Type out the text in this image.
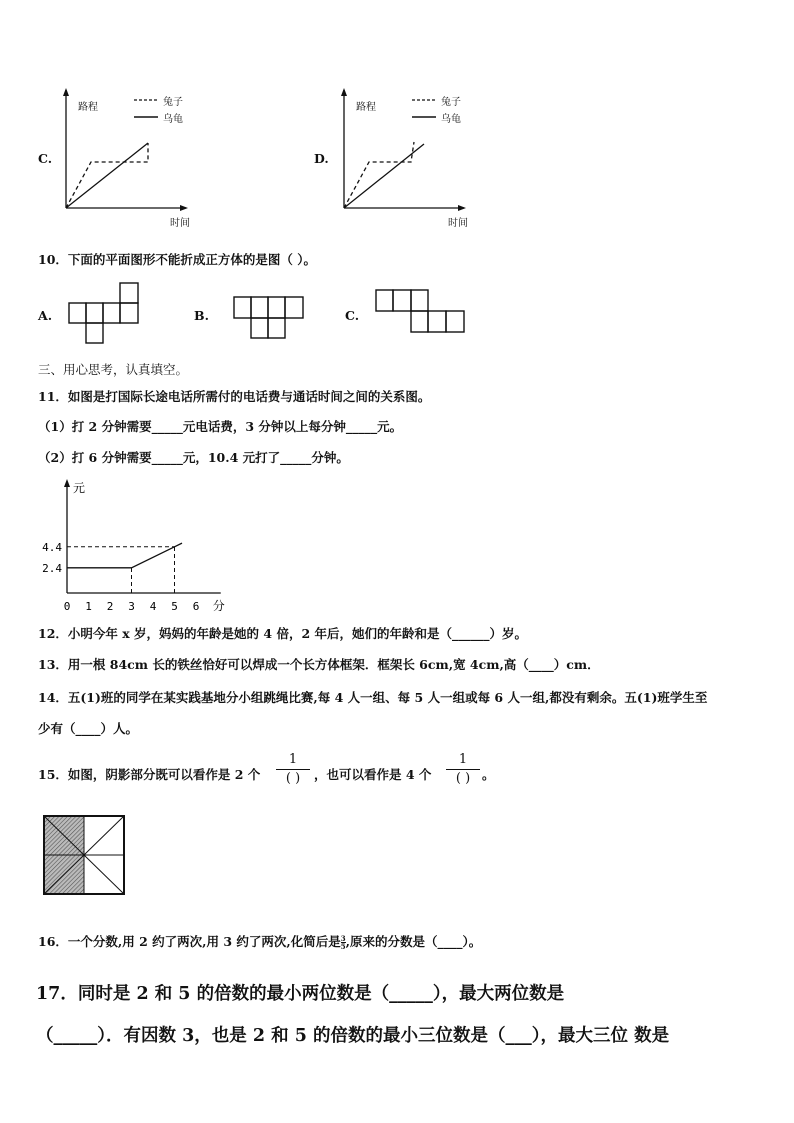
C.
路程	兔子
乌龟
时间
D.
路程	兔子
乌龟
时间
10．下面的平面图形不能折成正方体的是图（ ）。
A.	B.	C.
三、用心思考，认真填空。
11．如图是打国际长途电话所需付的电话费与通话时间之间的关系图。
（1）打 2 分钟需要_____元电话费，3 分钟以上每分钟_____元。
（2）打 6 分钟需要_____元，10.4 元打了_____分钟。
元
分
0 1 2 3 4 5 6
2.4
4.4
12．小明今年 x 岁，妈妈的年龄是她的 4 倍，2 年后，她们的年龄和是（______）岁。
13．用一根 84cm 长的铁丝恰好可以焊成一个长方体框架．框架长 6cm,宽 4cm,高（____）cm．
14．五(1)班的同学在某实践基地分小组跳绳比赛,每 4 人一组、每 5 人一组或每 6 人一组,都没有剩余。五(1)班学生至
少有（____）人。
15．如图，阴影部分既可以看作是 2 个
1
( )	，也可以看作是 4 个
1
( ) 。
16．一个分数,用 2 约了两次,用 3 约了两次,化简后是 $\frac{3}{5}$ ,原来的分数是（____）。
17．同时是 2 和 5 的倍数的最小两位数是（_____），最大两位数是
（_____）．有因数 3，也是 2 和 5 的倍数的最小三位数是（___），最大三位 数是
